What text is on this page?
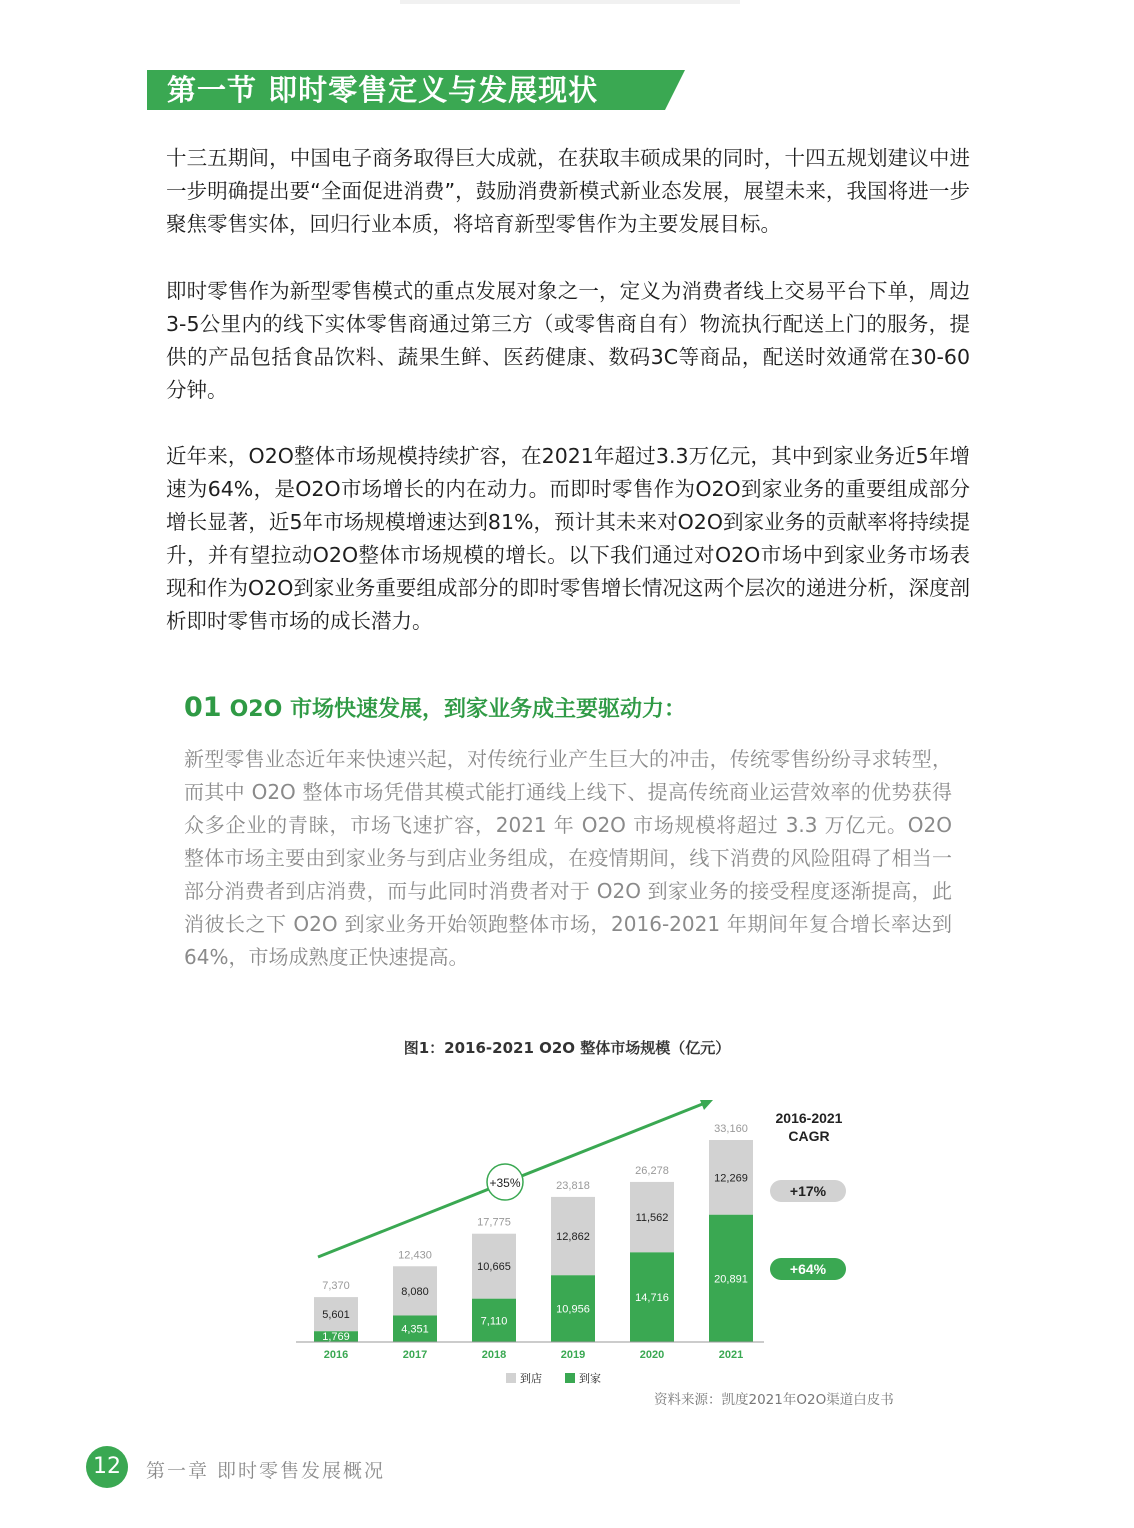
第一节 即时零售定义与发展现状

十三五期间，中国电子商务取得巨大成就，在获取丰硕成果的同时，十四五规划建议中进一步明确提出要“全面促进消费”，鼓励消费新模式新业态发展，展望未来，我国将进一步聚焦零售实体，回归行业本质，将培育新型零售作为主要发展目标。

即时零售作为新型零售模式的重点发展对象之一，定义为消费者线上交易平台下单，周边3-5公里内的线下实体零售商通过第三方（或零售商自有）物流执行配送上门的服务，提供的产品包括食品饮料、蔬果生鲜、医药健康、数码3C等商品，配送时效通常在30-60分钟。

近年来，O2O整体市场规模持续扩容，在2021年超过3.3万亿元，其中到家业务近5年增速为64%，是O2O市场增长的内在动力。而即时零售作为O2O到家业务的重要组成部分增长显著，近5年市场规模增速达到81%，预计其未来对O2O到家业务的贡献率将持续提升，并有望拉动O2O整体市场规模的增长。以下我们通过对O2O市场中到家业务市场表现和作为O2O到家业务重要组成部分的即时零售增长情况这两个层次的递进分析，深度剖析即时零售市场的成长潜力。

01 O2O 市场快速发展，到家业务成主要驱动力：

新型零售业态近年来快速兴起，对传统行业产生巨大的冲击，传统零售纷纷寻求转型，而其中 O2O 整体市场凭借其模式能打通线上线下、提高传统商业运营效率的优势获得众多企业的青睐，市场飞速扩容，2021 年 O2O 市场规模将超过 3.3 万亿元。O2O 整体市场主要由到家业务与到店业务组成，在疫情期间，线下消费的风险阻碍了相当一部分消费者到店消费，而与此同时消费者对于 O2O 到家业务的接受程度逐渐提高，此消彼长之下 O2O 到家业务开始领跑整体市场，2016-2021 年期间年复合增长率达到 64%，市场成熟度正快速提高。

图1：2016-2021 O2O 整体市场规模（亿元）
+35%
5,601
1,769
7,370
2016
8,080
4,351
12,430
2017
10,665
7,110
17,775
2018
12,862
10,956
23,818
2019
11,562
14,716
26,278
2020
12,269
20,891
33,160
2021
2016-2021
CAGR
+17%
+64%
到店	到家
资料来源：凯度2021年O2O渠道白皮书
12	第一章 即时零售发展概况
